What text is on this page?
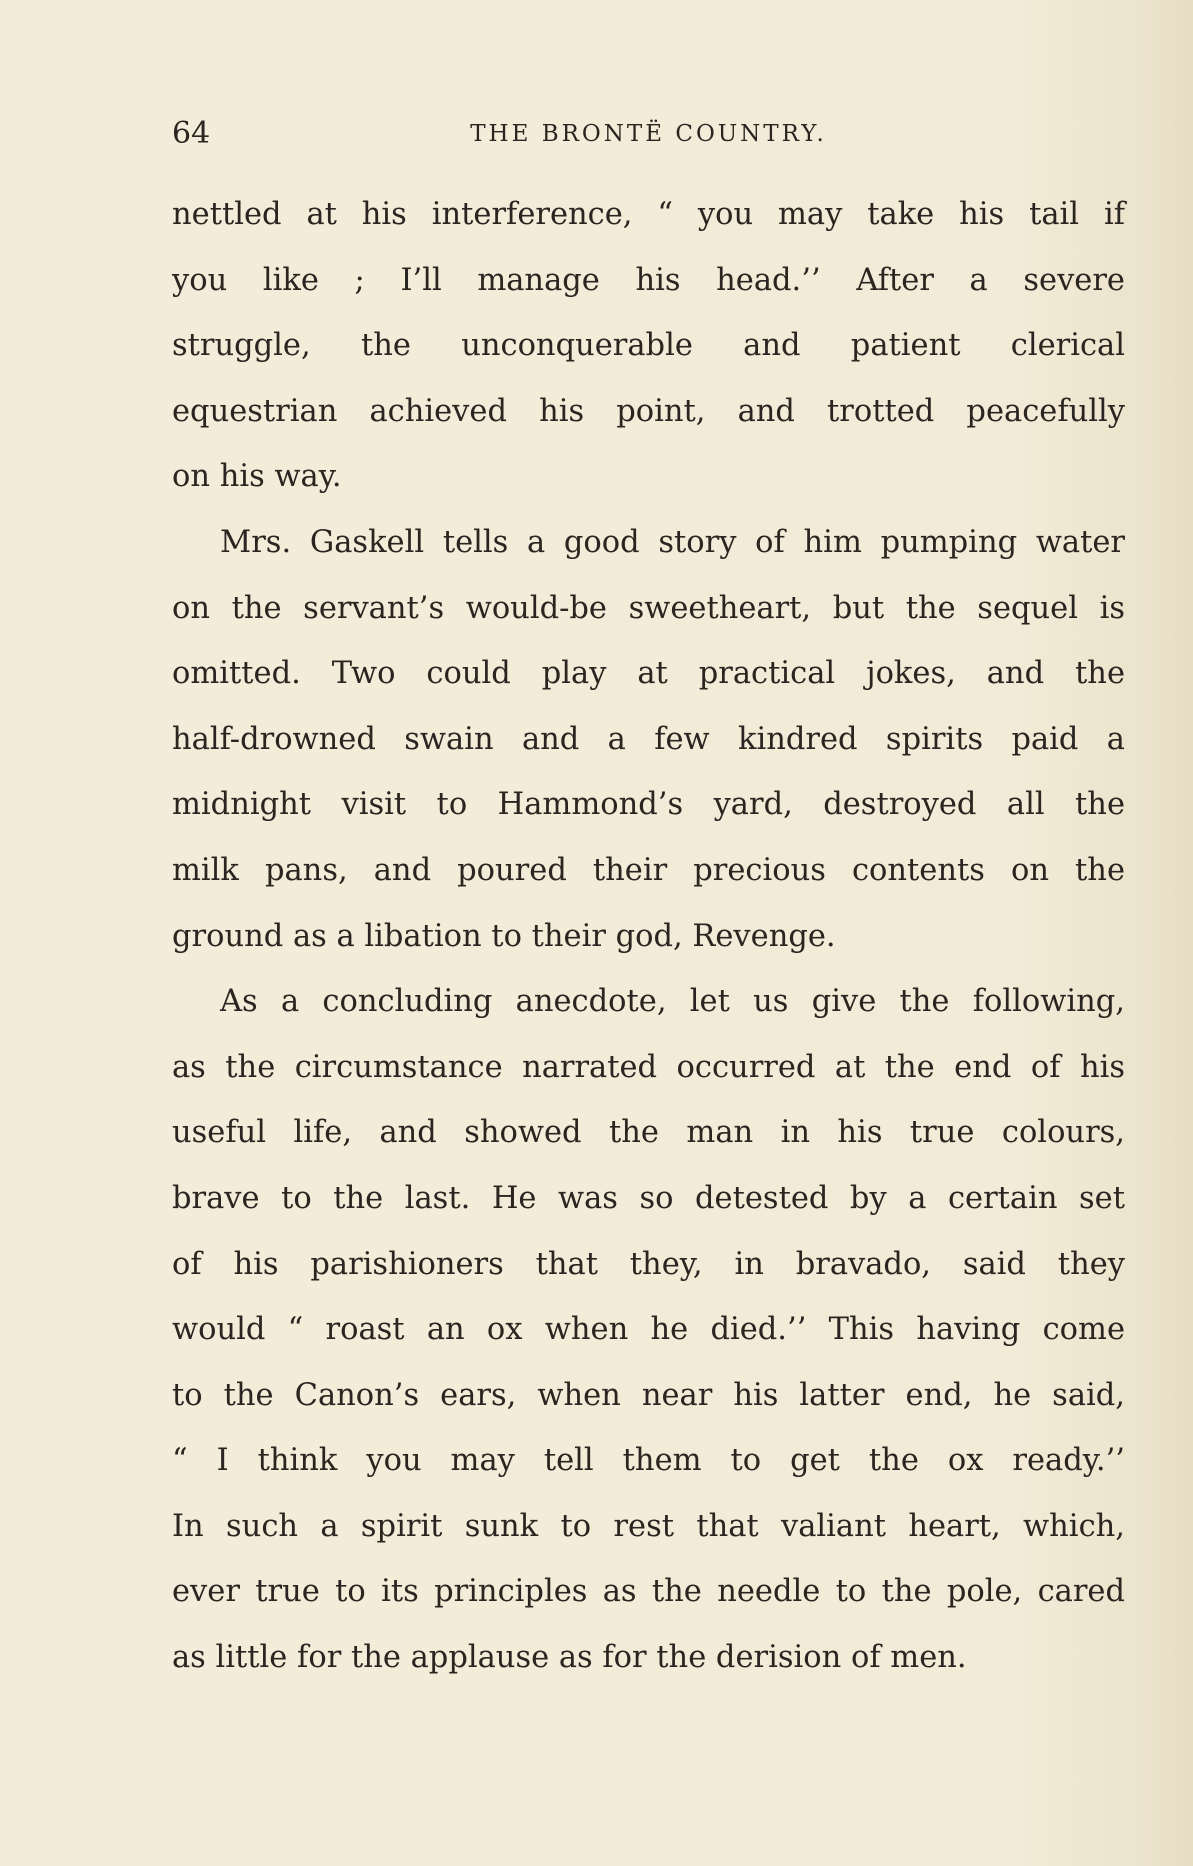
64	THE BRONTË COUNTRY.
nettled at his interference, “ you may take his tail if
you like ; I’ll manage his head.’’ After a severe
struggle, the unconquerable and patient clerical
equestrian achieved his point, and trotted peacefully
on his way.
Mrs. Gaskell tells a good story of him pumping water
on the servant’s would-be sweetheart, but the sequel is
omitted. Two could play at practical jokes, and the
half-drowned swain and a few kindred spirits paid a
midnight visit to Hammond’s yard, destroyed all the
milk pans, and poured their precious contents on the
ground as a libation to their god, Revenge.
As a concluding anecdote, let us give the following,
as the circumstance narrated occurred at the end of his
useful life, and showed the man in his true colours,
brave to the last. He was so detested by a certain set
of his parishioners that they, in bravado, said they
would “ roast an ox when he died.’’ This having come
to the Canon’s ears, when near his latter end, he said,
“ I think you may tell them to get the ox ready.’’
In such a spirit sunk to rest that valiant heart, which,
ever true to its principles as the needle to the pole, cared
as little for the applause as for the derision of men.
